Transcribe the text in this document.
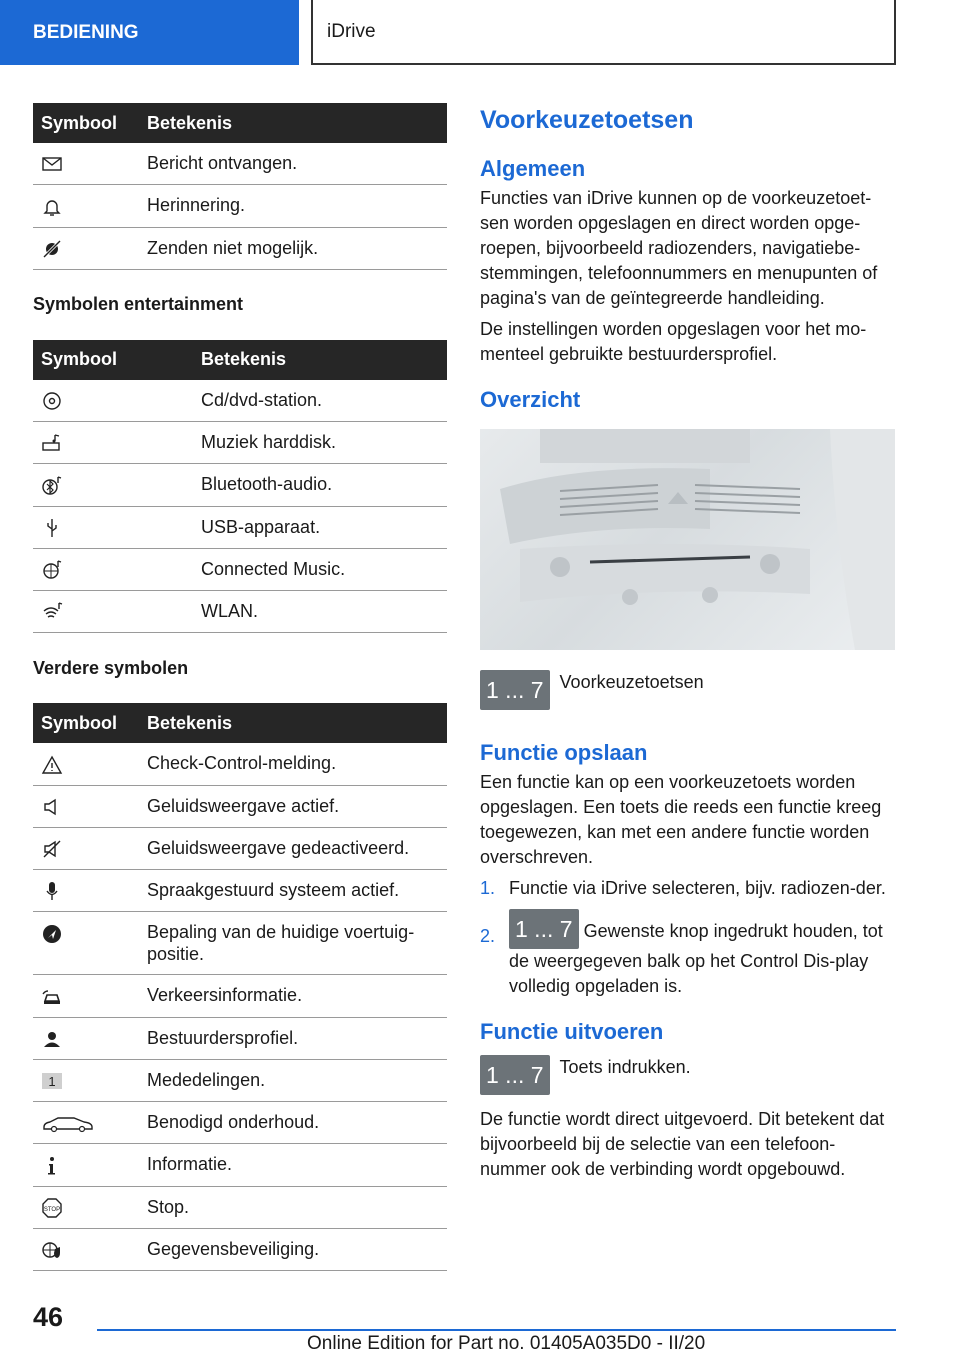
BEDIENING	iDrive
Symbool	Betekenis

	Bericht ontvangen.

	Herinnering.

	Zenden niet mogelijk.
Symbolen entertainment
Symbool	Betekenis

	Cd/dvd-station.

	Muziek harddisk.

	Bluetooth-audio.

	USB-apparaat.

	Connected Music.

	WLAN.
Verdere symbolen
Symbool	Betekenis

	Check-Control-melding.

	Geluidsweergave actief.

	Geluidsweergave gedeactiveerd.

	Spraakgestuurd systeem actief.

	Bepaling van de huidige voertuig-positie.

	Verkeersinformatie.

	Bestuurdersprofiel.

1	Mededelingen.

	Benodigd onderhoud.

	Informatie.

STOP	Stop.

	Gegevensbeveiliging.
Voorkeuzetoetsen
Algemeen

Functies van iDrive kunnen op de voorkeuzetoet-sen worden opgeslagen en direct worden opge-roepen, bijvoorbeeld radiozenders, navigatiebe-stemmingen, telefoonnummers en menupunten of pagina's van de geïntegreerde handleiding.

De instellingen worden opgeslagen voor het mo-menteel gebruikte bestuurdersprofiel.

Overzicht
1 ... 7 Voorkeuzetoetsen
Functie opslaan

Een functie kan op een voorkeuzetoets worden opgeslagen. Een toets die reeds een functie kreeg toegewezen, kan met een andere functie worden overschreven.

1. Functie via iDrive selecteren, bijv. radiozen-der.
2. 1 ... 7 Gewenste knop ingedrukt houden, tot de weergegeven balk op het Control Dis-play volledig opgeladen is.
Functie uitvoeren
1 ... 7 Toets indrukken.

De functie wordt direct uitgevoerd. Dit betekent dat bijvoorbeeld bij de selectie van een telefoon-nummer ook de verbinding wordt opgebouwd.

46
Online Edition for Part no. 01405A035D0 - II/20
